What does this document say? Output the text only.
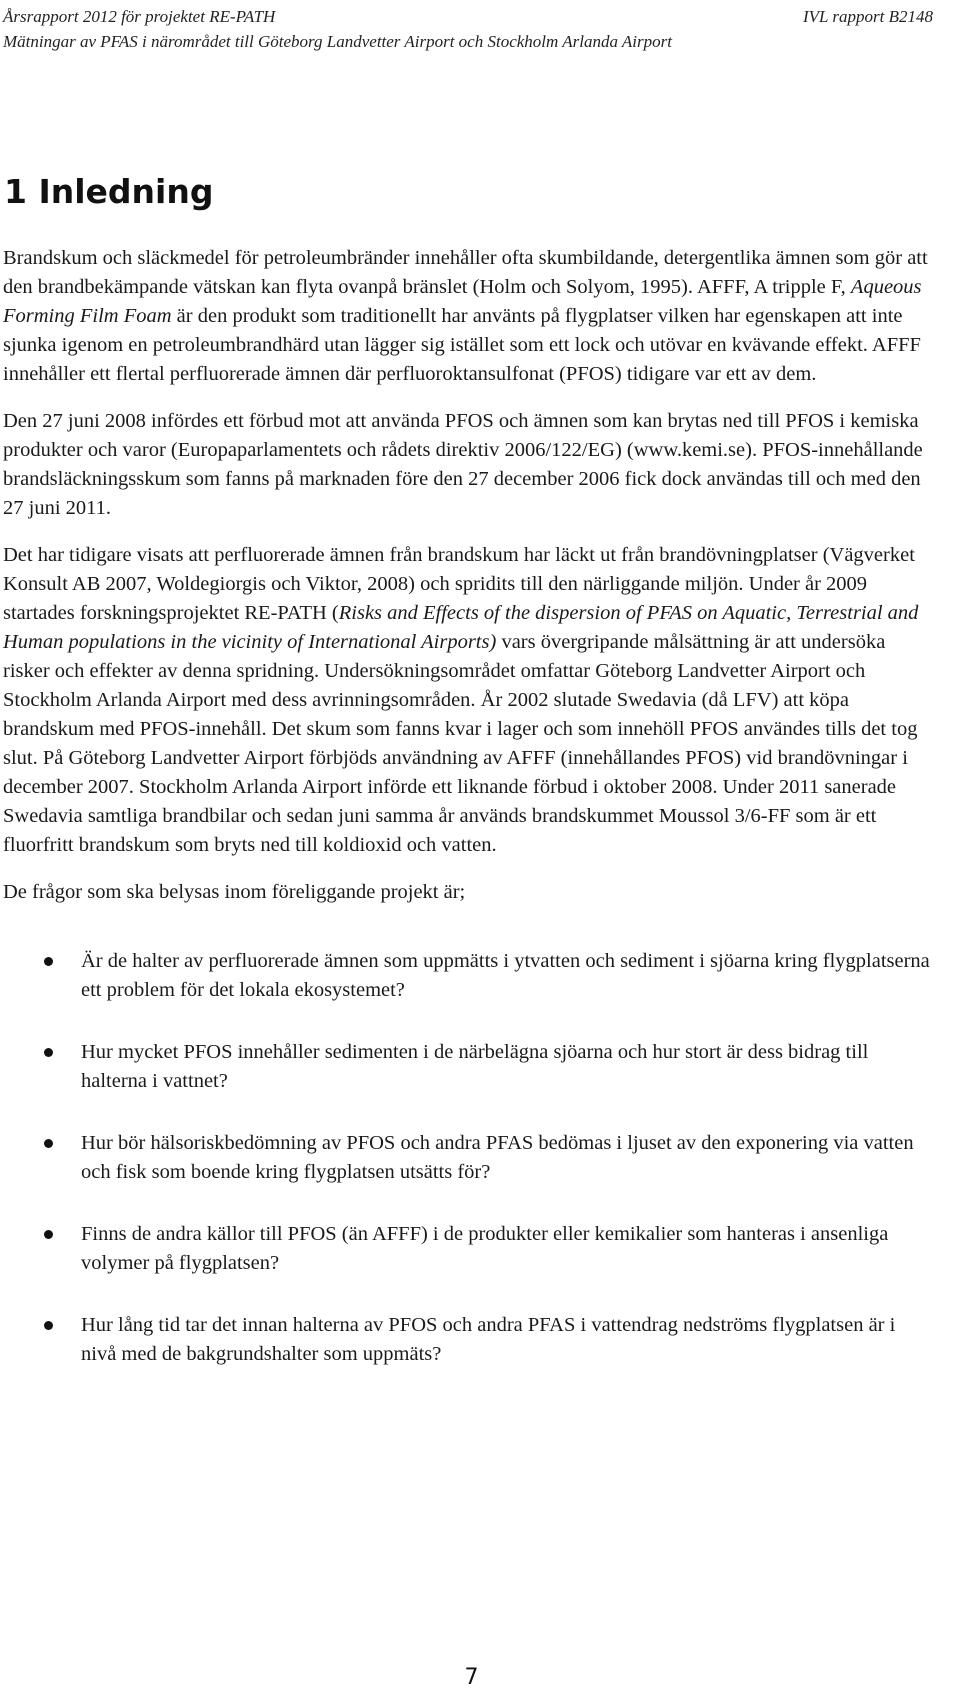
Årsrapport 2012 för projektet RE-PATH	IVL rapport B2148
Mätningar av PFAS i närområdet till Göteborg Landvetter Airport och Stockholm Arlanda Airport
1 Inledning

Brandskum och släckmedel för petroleumbränder innehåller ofta skumbildande, detergentlika ämnen som gör att den brandbekämpande vätskan kan flyta ovanpå bränslet (Holm och Solyom, 1995). AFFF, A tripple F, Aqueous Forming Film Foam är den produkt som traditionellt har använts på flygplatser vilken har egenskapen att inte sjunka igenom en petroleumbrandhärd utan lägger sig istället som ett lock och utövar en kvävande effekt. AFFF innehåller ett flertal perfluorerade ämnen där perfluoroktansulfonat (PFOS) tidigare var ett av dem.

Den 27 juni 2008 infördes ett förbud mot att använda PFOS och ämnen som kan brytas ned till PFOS i kemiska produkter och varor (Europaparlamentets och rådets direktiv 2006/122/EG) (www.kemi.se). PFOS-innehållande brandsläckningsskum som fanns på marknaden före den 27 december 2006 fick dock användas till och med den 27 juni 2011.

Det har tidigare visats att perfluorerade ämnen från brandskum har läckt ut från brandövningplatser (Vägverket Konsult AB 2007, Woldegiorgis och Viktor, 2008) och spridits till den närliggande miljön. Under år 2009 startades forskningsprojektet RE-PATH (Risks and Effects of the dispersion of PFAS on Aquatic, Terrestrial and Human populations in the vicinity of International Airports) vars övergripande målsättning är att undersöka risker och effekter av denna spridning. Undersökningsområdet omfattar Göteborg Landvetter Airport och Stockholm Arlanda Airport med dess avrinningsområden. År 2002 slutade Swedavia (då LFV) att köpa brandskum med PFOS-innehåll. Det skum som fanns kvar i lager och som innehöll PFOS användes tills det tog slut. På Göteborg Landvetter Airport förbjöds användning av AFFF (innehållandes PFOS) vid brandövningar i december 2007. Stockholm Arlanda Airport införde ett liknande förbud i oktober 2008. Under 2011 sanerade Swedavia samtliga brandbilar och sedan juni samma år används brandskummet Moussol 3/6-FF som är ett fluorfritt brandskum som bryts ned till koldioxid och vatten.

De frågor som ska belysas inom föreliggande projekt är;

Är de halter av perfluorerade ämnen som uppmätts i ytvatten och sediment i sjöarna kring flygplatserna ett problem för det lokala ekosystemet?
Hur mycket PFOS innehåller sedimenten i de närbelägna sjöarna och hur stort är dess bidrag till halterna i vattnet?
Hur bör hälsoriskbedömning av PFOS och andra PFAS bedömas i ljuset av den exponering via vatten och fisk som boende kring flygplatsen utsätts för?
Finns de andra källor till PFOS (än AFFF) i de produkter eller kemikalier som hanteras i ansenliga volymer på flygplatsen?
Hur lång tid tar det innan halterna av PFOS och andra PFAS i vattendrag nedströms flygplatsen är i nivå med de bakgrundshalter som uppmäts?
7
